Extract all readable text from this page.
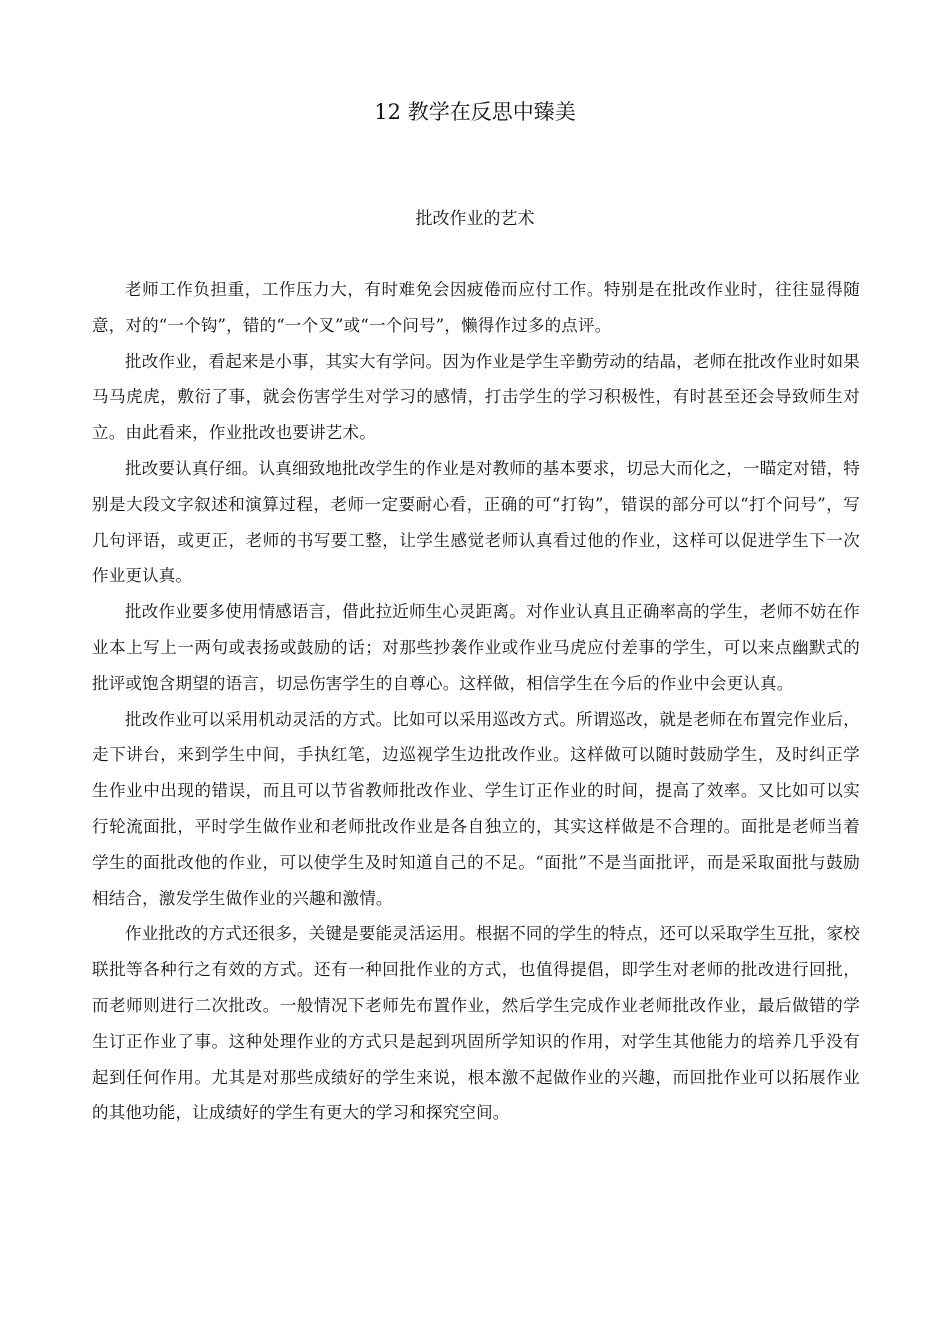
12 教学在反思中臻美
批改作业的艺术

老师工作负担重，工作压力大，有时难免会因疲倦而应付工作。特别是在批改作业时，往往显得随意，对的“一个钩”，错的“一个叉”或“一个问号”，懒得作过多的点评。

批改作业，看起来是小事，其实大有学问。因为作业是学生辛勤劳动的结晶，老师在批改作业时如果马马虎虎，敷衍了事，就会伤害学生对学习的感情，打击学生的学习积极性，有时甚至还会导致师生对立。由此看来，作业批改也要讲艺术。

批改要认真仔细。认真细致地批改学生的作业是对教师的基本要求，切忌大而化之，一瞄定对错，特别是大段文字叙述和演算过程，老师一定要耐心看，正确的可“打钩”，错误的部分可以“打个问号”，写几句评语，或更正，老师的书写要工整，让学生感觉老师认真看过他的作业，这样可以促进学生下一次作业更认真。

批改作业要多使用情感语言，借此拉近师生心灵距离。对作业认真且正确率高的学生，老师不妨在作业本上写上一两句或表扬或鼓励的话；对那些抄袭作业或作业马虎应付差事的学生，可以来点幽默式的批评或饱含期望的语言，切忌伤害学生的自尊心。这样做，相信学生在今后的作业中会更认真。

批改作业可以采用机动灵活的方式。比如可以采用巡改方式。所谓巡改，就是老师在布置完作业后，走下讲台，来到学生中间，手执红笔，边巡视学生边批改作业。这样做可以随时鼓励学生，及时纠正学生作业中出现的错误，而且可以节省教师批改作业、学生订正作业的时间，提高了效率。又比如可以实行轮流面批，平时学生做作业和老师批改作业是各自独立的，其实这样做是不合理的。面批是老师当着学生的面批改他的作业，可以使学生及时知道自己的不足。“面批”不是当面批评，而是采取面批与鼓励相结合，激发学生做作业的兴趣和激情。

作业批改的方式还很多，关键是要能灵活运用。根据不同的学生的特点，还可以采取学生互批，家校联批等各种行之有效的方式。还有一种回批作业的方式，也值得提倡，即学生对老师的批改进行回批，而老师则进行二次批改。一般情况下老师先布置作业，然后学生完成作业老师批改作业，最后做错的学生订正作业了事。这种处理作业的方式只是起到巩固所学知识的作用，对学生其他能力的培养几乎没有起到任何作用。尤其是对那些成绩好的学生来说，根本激不起做作业的兴趣，而回批作业可以拓展作业的其他功能，让成绩好的学生有更大的学习和探究空间。
